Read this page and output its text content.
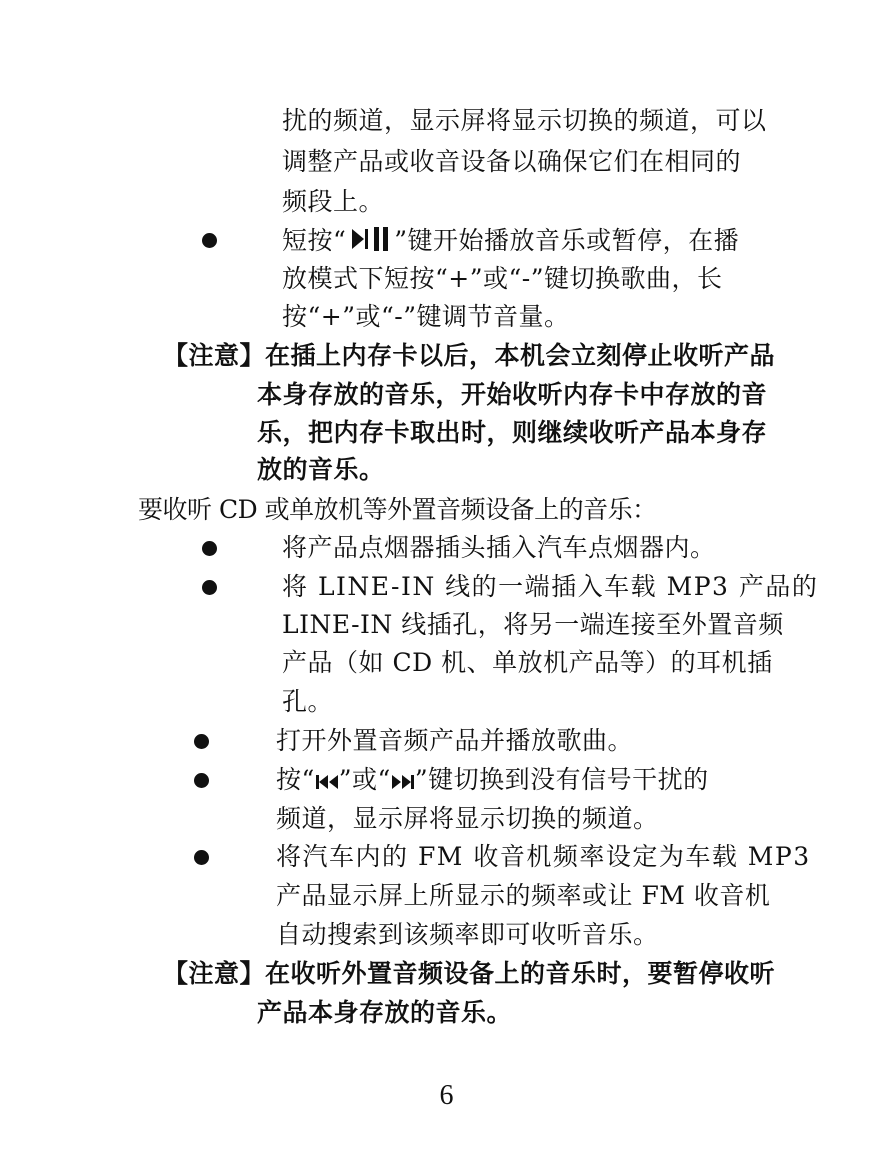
扰的频道，显示屏将显示切换的频道，可以
调整产品或收音设备以确保它们在相同的
频段上。
短按“ ”键开始播放音乐或暂停，在播
放模式下短按“+”或“-”键切换歌曲，长
按“+”或“-”键调节音量。
【注意】在插上内存卡以后，本机会立刻停止收听产品
本身存放的音乐，开始收听内存卡中存放的音
乐，把内存卡取出时，则继续收听产品本身存
放的音乐。
要收听 CD 或单放机等外置音频设备上的音乐：
将产品点烟器插头插入汽车点烟器内。
将 LINE-IN 线的一端插入车载 MP3 产品的
LINE-IN 线插孔，将另一端连接至外置音频
产品（如 CD 机、单放机产品等）的耳机插
孔。
打开外置音频产品并播放歌曲。
按“ ”或“ ”键切换到没有信号干扰的
频道，显示屏将显示切换的频道。
将汽车内的 FM 收音机频率设定为车载 MP3
产品显示屏上所显示的频率或让 FM 收音机
自动搜索到该频率即可收听音乐。
【注意】在收听外置音频设备上的音乐时，要暂停收听
产品本身存放的音乐。
6
